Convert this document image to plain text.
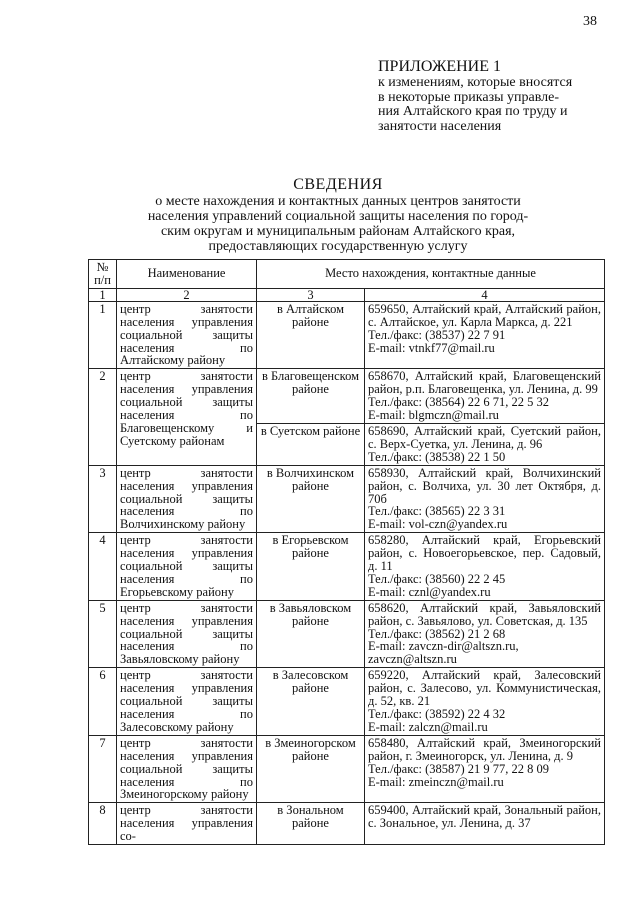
38
ПРИЛОЖЕНИЕ 1
к изменениям, которые вносятся
в некоторые приказы управле-
ния Алтайского края по труду и
занятости населения
СВЕДЕНИЯ
о месте нахождения и контактных данных центров занятости
населения управлений социальной защиты населения по город-
ским округам и муниципальным районам Алтайского края,
предоставляющих государственную услугу
№ п/п	Наименование	Место нахождения, контактные данные	
1	2	3	4
1	центр занятости населения управления социальной защиты населения по Алтайскому району	в Алтайском районе	659650, Алтайский край, Алтайский район, с. Алтайское, ул. Карла Маркса, д. 221
Тел./факс: (38537) 22 7 91
E-mail: vtnkf77@mail.ru

2	центр занятости населения управления социальной защиты населения по Благовещенскому и Суетскому районам	в Благовещенском районе	658670, Алтайский край, Благовещенский район, р.п. Благовещенка, ул. Ленина, д. 99
Тел./факс: (38564) 22 6 71, 22 5 32
E-mail: blgmczn@mail.ru

		в Суетском районе	658690, Алтайский край, Суетский район, с. Верх-Суетка, ул. Ленина, д. 96
Тел./факс: (38538) 22 1 50

3	центр занятости населения управления социальной защиты населения по Волчихинскому району	в Волчихинском районе	658930, Алтайский край, Волчихинский район, с. Волчиха, ул. 30 лет Октября, д. 70б
Тел./факс: (38565) 22 3 31
E-mail: vol-czn@yandex.ru

4	центр занятости населения управления социальной защиты населения по Егорьевскому району	в Егорьевском районе	658280, Алтайский край, Егорьевский район, с. Новоегорьевское, пер. Садовый, д. 11
Тел./факс: (38560) 22 2 45
E-mail: cznl@yandex.ru

5	центр занятости населения управления социальной защиты населения по Завьяловскому району	в Завьяловском районе	658620, Алтайский край, Завьяловский район, с. Завьялово, ул. Советская, д. 135
Тел./факс: (38562) 21 2 68
E-mail: zavczn-dir@altszn.ru,
zavczn@altszn.ru

6	центр занятости населения управления социальной защиты населения по Залесовскому району	в Залесовском районе	659220, Алтайский край, Залесовский район, с. Залесово, ул. Коммунистическая, д. 52, кв. 21
Тел./факс: (38592) 22 4 32
E-mail: zalczn@mail.ru

7	центр занятости населения управления социальной защиты населения по Змеиногорскому району	в Змеиногорском районе	658480, Алтайский край, Змеиногорский район, г. Змеиногорск, ул. Ленина, д. 9
Тел./факс: (38587) 21 9 77, 22 8 09
E-mail: zmeinczn@mail.ru

8	центр занятости населения управления со-	в Зональном районе	659400, Алтайский край, Зональный район, с. Зональное, ул. Ленина, д. 37
